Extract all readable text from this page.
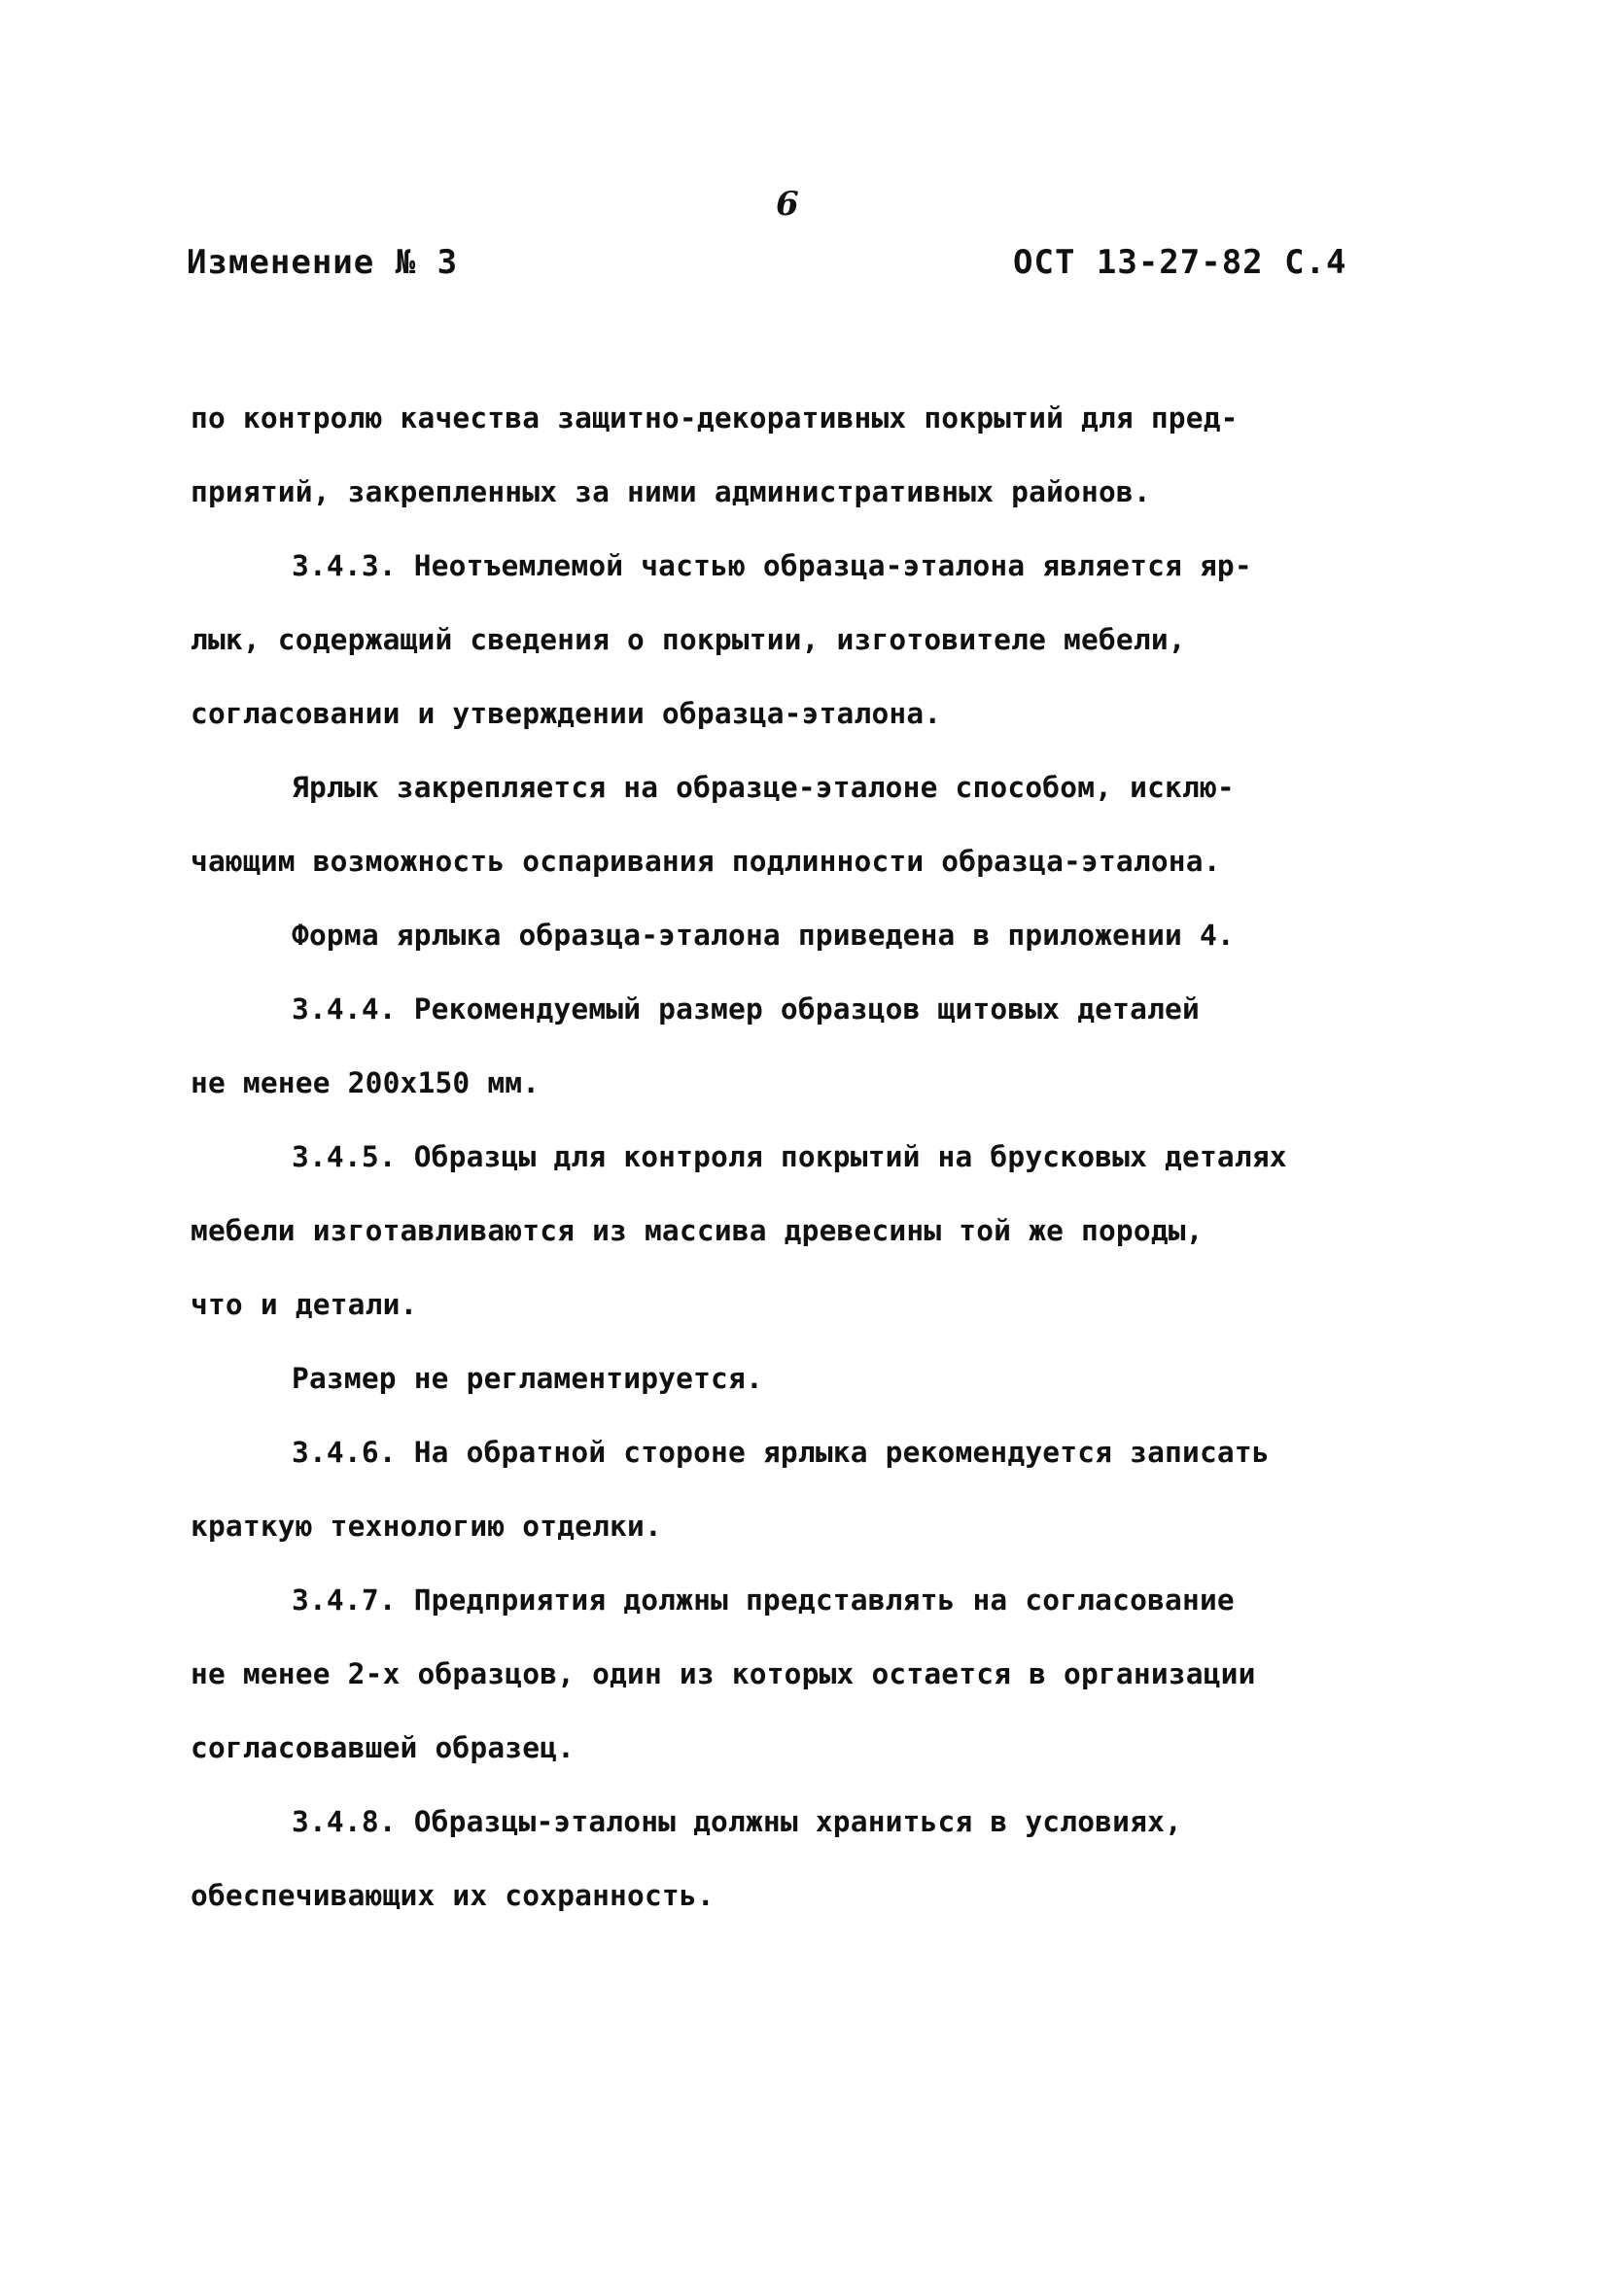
6
Изменение № 3	ОСТ 13-27-82 С.4
по контролю качества защитно-декоративных покрытий для пред-
приятий, закрепленных за ними административных районов.
3.4.3. Неотъемлемой частью образца-эталона является яр-
лык, содержащий сведения о покрытии, изготовителе мебели,
согласовании и утверждении образца-эталона.
Ярлык закрепляется на образце-эталоне способом, исклю-
чающим возможность оспаривания подлинности образца-эталона.
Форма ярлыка образца-эталона приведена в приложении 4.
3.4.4. Рекомендуемый размер образцов щитовых деталей
не менее 200x150 мм.
3.4.5. Образцы для контроля покрытий на брусковых деталях
мебели изготавливаются из массива древесины той же породы,
что и детали.
Размер не регламентируется.
3.4.6. На обратной стороне ярлыка рекомендуется записать
краткую технологию отделки.
3.4.7. Предприятия должны представлять на согласование
не менее 2-х образцов, один из которых остается в организации
согласовавшей образец.
3.4.8. Образцы-эталоны должны храниться в условиях,
обеспечивающих их сохранность.
